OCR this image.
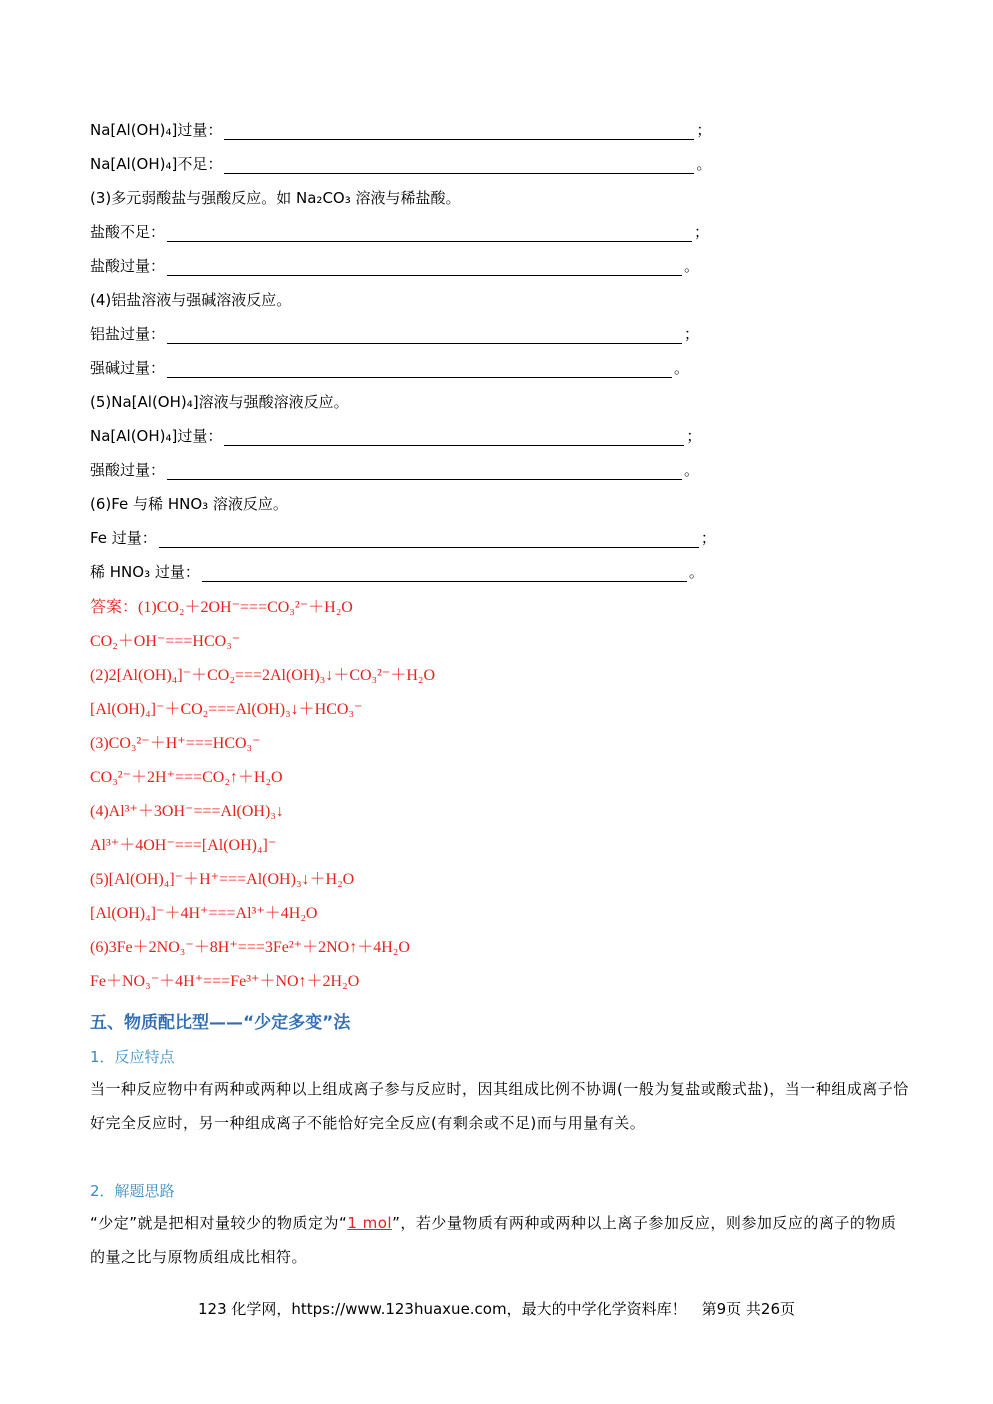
Na[Al(OH)₄]过量：	；
Na[Al(OH)₄]不足：	。
(3)多元弱酸盐与强酸反应。如 Na₂CO₃ 溶液与稀盐酸。
盐酸不足：	；
盐酸过量：	。
(4)铝盐溶液与强碱溶液反应。
铝盐过量：	；
强碱过量：	。
(5)Na[Al(OH)₄]溶液与强酸溶液反应。
Na[Al(OH)₄]过量：	；
强酸过量：	。
(6)Fe 与稀 HNO₃ 溶液反应。
Fe 过量：	；
稀 HNO₃ 过量：	。
答案：(1)CO₂＋2OH⁻===CO₃²⁻＋H₂O
CO₂＋OH⁻===HCO₃⁻
(2)2[Al(OH)₄]⁻＋CO₂===2Al(OH)₃↓＋CO₃²⁻＋H₂O
[Al(OH)₄]⁻＋CO₂===Al(OH)₃↓＋HCO₃⁻
(3)CO₃²⁻＋H⁺===HCO₃⁻
CO₃²⁻＋2H⁺===CO₂↑＋H₂O
(4)Al³⁺＋3OH⁻===Al(OH)₃↓
Al³⁺＋4OH⁻===[Al(OH)₄]⁻
(5)[Al(OH)₄]⁻＋H⁺===Al(OH)₃↓＋H₂O
[Al(OH)₄]⁻＋4H⁺===Al³⁺＋4H₂O
(6)3Fe＋2NO₃⁻＋8H⁺===3Fe²⁺＋2NO↑＋4H₂O
Fe＋NO₃⁻＋4H⁺===Fe³⁺＋NO↑＋2H₂O
五、物质配比型——“少定多变”法
1．反应特点
当一种反应物中有两种或两种以上组成离子参与反应时，因其组成比例不协调(一般为复盐或酸式盐)，当一种组成离子恰好完全反应时，另一种组成离子不能恰好完全反应(有剩余或不足)而与用量有关。
2．解题思路
“少定”就是把相对量较少的物质定为“1 mol”，若少量物质有两种或两种以上离子参加反应，则参加反应的离子的物质的量之比与原物质组成比相符。
123 化学网，https://www.123huaxue.com，最大的中学化学资料库！　第9页 共26页
